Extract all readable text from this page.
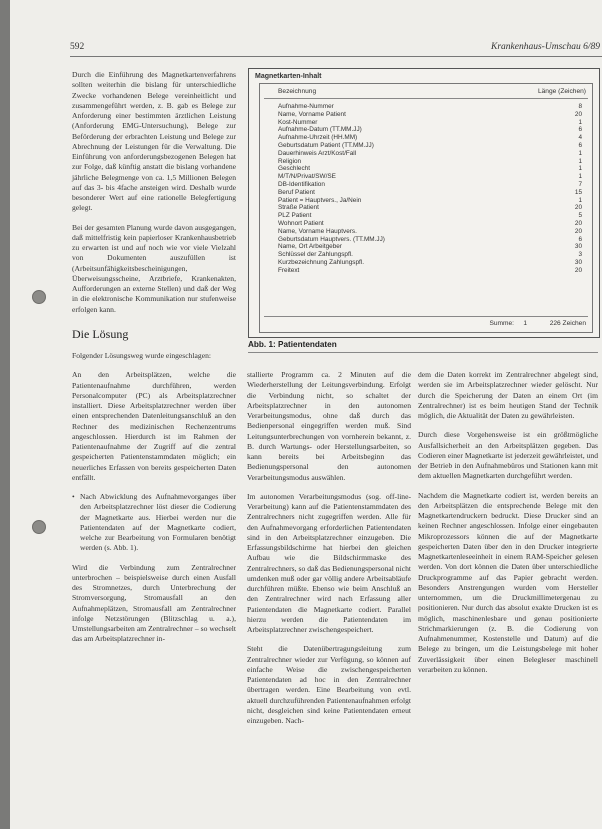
592	Krankenhaus-Umschau 6/89

Durch die Einführung des Magnetkartenverfahrens sollten weiterhin die bislang für unterschiedliche Zwecke vorhandenen Belege vereinheitlicht und zusammengeführt werden, z. B. gab es Belege zur Anforderung einer bestimmten ärztlichen Leistung (Anforderung EMG-Untersuchung), Belege zur Beförderung der erbrachten Leistung und Belege zur Abrechnung der Leistungen für die Verwaltung. Die Einführung von anforderungsbezogenen Belegen hat zur Folge, daß künftig anstatt die bislang vorhandene jährliche Belegmenge von ca. 1,5 Millionen Belegen auf das 3- bis 4fache ansteigen wird. Deshalb wurde besonderer Wert auf eine rationelle Belegfertigung gelegt.

Bei der gesamten Planung wurde davon ausgegangen, daß mittelfristig kein papierloser Krankenhausbetrieb zu erwarten ist und auf noch wie vor viele Vielzahl von Dokumenten auszufüllen ist (Arbeitsunfähigkeitsbescheinigungen, Überweisungsscheine, Arztbriefe, Krankenakten, Aufforderungen an externe Stellen) und daß der Weg in die elektronische Kommunikation nur stufenweise erfolgen kann.

Die Lösung

Folgender Lösungsweg wurde eingeschlagen:

An den Arbeitsplätzen, welche die Patientenaufnahme durchführen, werden Personalcomputer (PC) als Arbeitsplatzrechner installiert. Diese Arbeitsplatzrechner werden über einen entsprechenden Datenleitungsanschluß an den Rechner des medizinischen Rechenzentrums angeschlossen. Hierdurch ist im Rahmen der Patientenaufnahme der Zugriff auf die zentral gespeicherten Patientenstammdaten möglich; ein neuerliches Erfassen von bereits gespeicherten Daten entfällt.

• Nach Abwicklung des Aufnahmevorganges über den Arbeitsplatzrechner löst dieser die Codierung der Magnetkarte aus. Hierbei werden nur die Patientendaten auf der Magnetkarte codiert, welche zur Bearbeitung von Formularen benötigt werden (s. Abb. 1).

Wird die Verbindung zum Zentralrechner unterbrochen – beispielsweise durch einen Ausfall des Stromnetzes, durch Unterbrechung der Stromversorgung, Stromausfall an den Aufnahmeplätzen, Stromausfall am Zentralrechner infolge Netzstörungen (Blitzschlag u. a.), Umstellungsarbeiten am Zentralrechner – so wechselt das am Arbeitsplatzrechner in-

Magnetkarten-Inhalt
Bezeichnung	Länge (Zeichen)
Aufnahme-Nummer	8
Name, Vorname Patient	20
Kost-Nummer	1
Aufnahme-Datum (TT.MM.JJ)	6
Aufnahme-Uhrzeit (HH.MM)	4
Geburtsdatum Patient (TT.MM.JJ)	6
Dauerhinweis Arzt/Kost/Fall	1
Religion	1
Geschlecht	1
M/T/N/Privat/SW/SE	1
DB-Identifikation	7
Beruf Patient	15
Patient = Hauptvers., Ja/Nein	1
Straße Patient	20
PLZ Patient	5
Wohnort Patient	20
Name, Vorname Hauptvers.	20
Geburtsdatum Hauptvers. (TT.MM.JJ)	6
Name, Ort Arbeitgeber	30
Schlüssel der Zahlungspfl.	3
Kurzbezeichnung Zahlungspfl.	30
Freitext	20
Summe: 1	226 Zeichen
Abb. 1: Patientendaten

stallierte Programm ca. 2 Minuten auf die Wiederherstellung der Leitungsverbindung. Erfolgt die Verbindung nicht, so schaltet der Arbeitsplatzrechner in den autonomen Verarbeitungsmodus, ohne daß durch das Bedienpersonal eingegriffen werden muß. Sind Leitungsunterbrechungen von vornherein bekannt, z. B. durch Wartungs- oder Herstellungsarbeiten, so kann bereits bei Arbeitsbeginn das Bedienungspersonal den autonomen Verarbeitungsmodus auswählen.

Im autonomen Verarbeitungsmodus (sog. off-line-Verarbeitung) kann auf die Patientenstammdaten des Zentralrechners nicht zugegriffen werden. Alle für den Aufnahmevorgang erforderlichen Patientendaten sind in den Arbeitsplatzrechner einzugeben. Die Erfassungsbildschirme hat hierbei den gleichen Aufbau wie die Bildschirmmaske des Zentralrechners, so daß das Bedienungspersonal nicht umdenken muß oder gar völlig andere Arbeitsabläufe durchführen müßte. Ebenso wie beim Anschluß an den Zentralrechner wird nach Erfassung aller Patientendaten die Magnetkarte codiert. Parallel hierzu werden die Patientendaten im Arbeitsplatzrechner zwischengespeichert.

Steht die Datenübertragungsleitung zum Zentralrechner wieder zur Verfügung, so können auf einfache Weise die zwischengespeicherten Patientendaten ad hoc in den Zentralrechner übertragen werden. Eine Bearbeitung von evtl. aktuell durchzuführenden Patientenaufnahmen erfolgt nicht, desgleichen sind keine Patientendaten erneut einzugeben. Nach-

dem die Daten korrekt im Zentralrechner abgelegt sind, werden sie im Arbeitsplatzrechner wieder gelöscht. Nur durch die Speicherung der Daten an einem Ort (im Zentralrechner) ist es beim heutigen Stand der Technik möglich, die Aktualität der Daten zu gewährleisten.

Durch diese Vorgehensweise ist ein größtmögliche Ausfallsicherheit an den Arbeitsplätzen gegeben. Das Codieren einer Magnetkarte ist jederzeit gewährleistet, und der Betrieb in den Aufnahmebüros und Stationen kann mit dem aktuellen Magnetkarten durchgeführt werden.

Nachdem die Magnetkarte codiert ist, werden bereits an den Arbeitsplätzen die entsprechende Belege mit den Magnetkartendruckern bedruckt. Diese Drucker sind an keinen Rechner angeschlossen. Infolge einer eingebauten Mikroprozessors können die auf der Magnetkarte gespeicherten Daten über den in den Drucker integrierte Magnetkartenleseeinheit in einem RAM-Speicher gelesen werden. Von dort können die Daten über unterschiedliche Druckprogramme auf das Papier gebracht werden. Besonders Anstrengungen wurden vom Hersteller unternommen, um die Druckmillimetergenau zu positionieren. Nur durch das absolut exakte Drucken ist es möglich, maschinenlesbare und genau positionierte Strichmarkierungen (z. B. die Codierung von Aufnahmenummer, Kostenstelle und Datum) auf die Belege zu bringen, um die Leistungsbelege mit hoher Zuverlässigkeit über einen Belegleser maschinell verarbeiten zu können.
